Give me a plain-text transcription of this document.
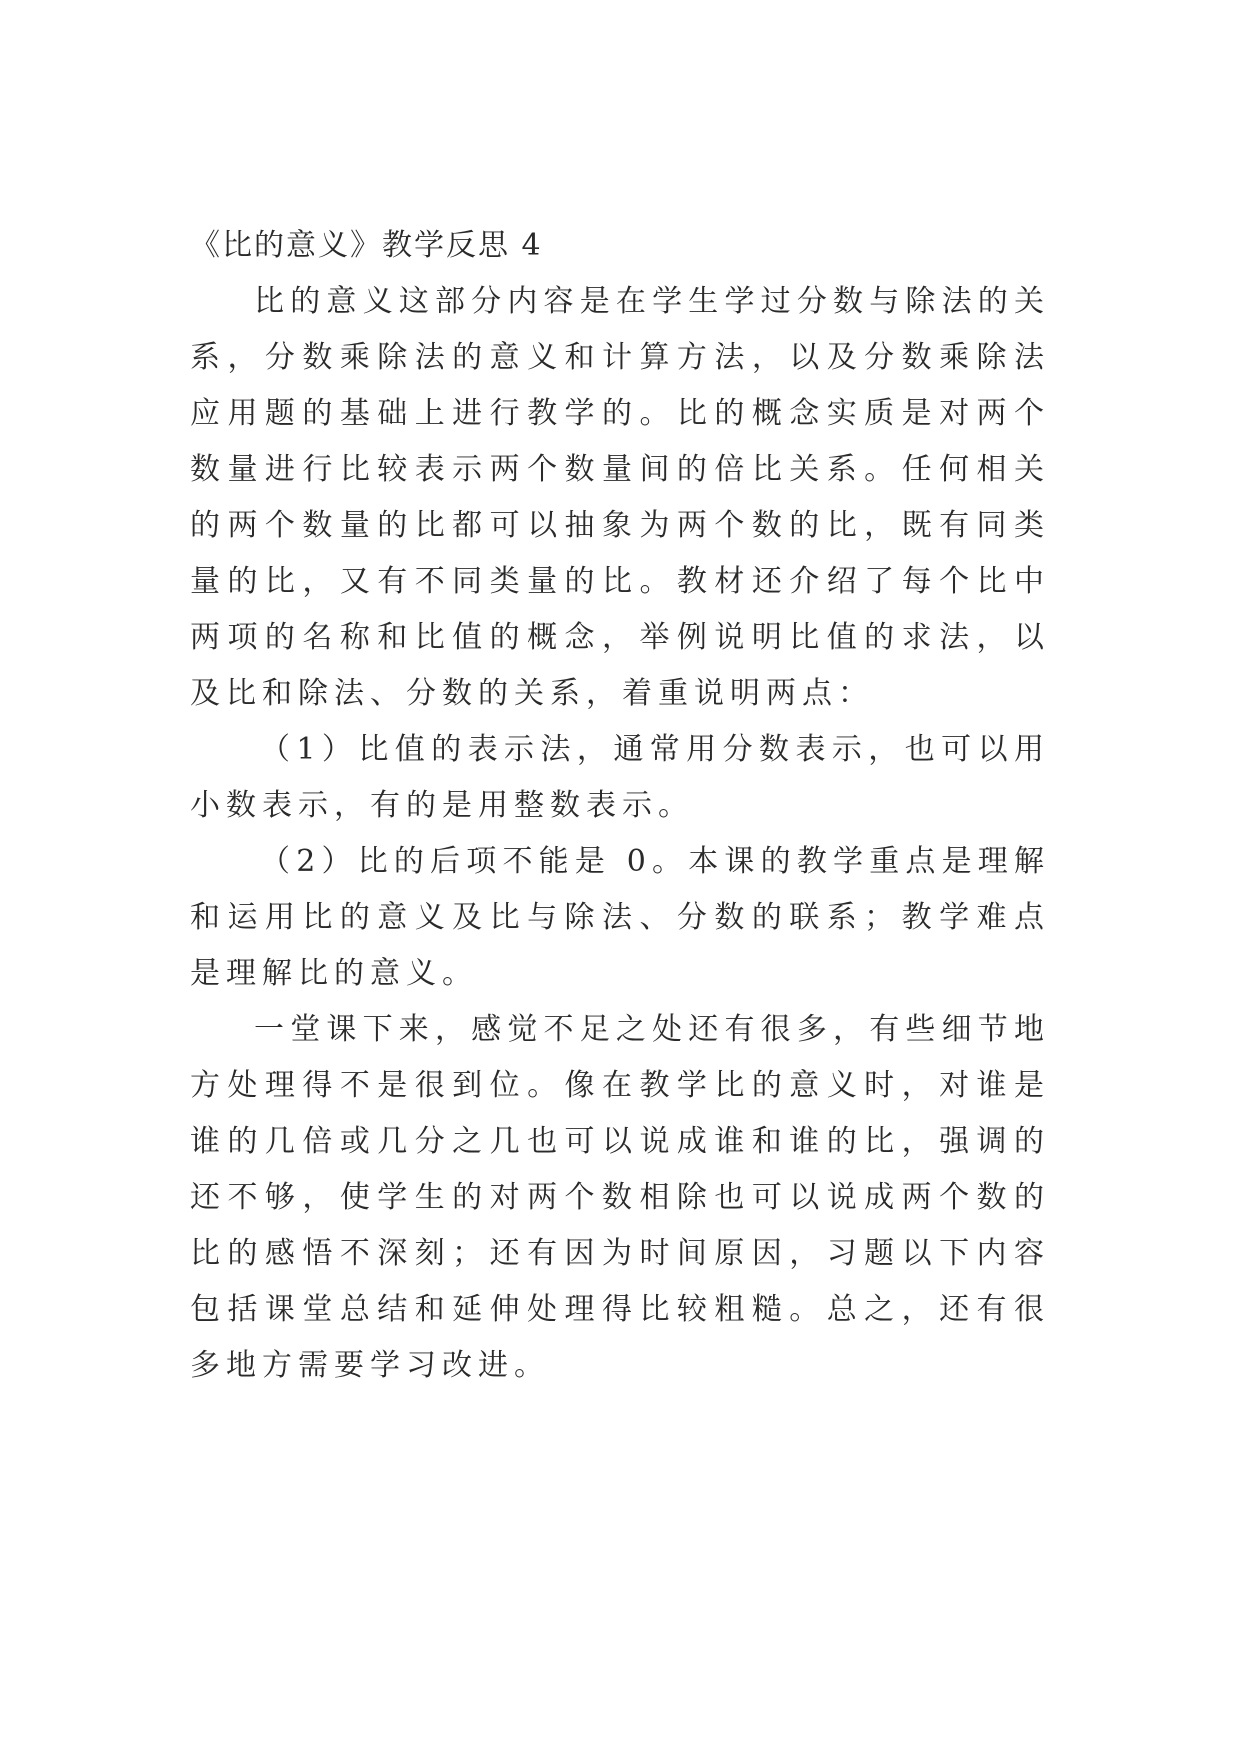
《比的意义》教学反思 4

比的意义这部分内容是在学生学过分数与除法的关系，分数乘除法的意义和计算方法，以及分数乘除法应用题的基础上进行教学的。比的概念实质是对两个数量进行比较表示两个数量间的倍比关系。任何相关的两个数量的比都可以抽象为两个数的比，既有同类量的比，又有不同类量的比。教材还介绍了每个比中两项的名称和比值的概念，举例说明比值的求法，以及比和除法、分数的关系，着重说明两点：

（1）比值的表示法，通常用分数表示，也可以用小数表示，有的是用整数表示。

（2）比的后项不能是 0。本课的教学重点是理解和运用比的意义及比与除法、分数的联系；教学难点是理解比的意义。

一堂课下来，感觉不足之处还有很多，有些细节地方处理得不是很到位。像在教学比的意义时，对谁是谁的几倍或几分之几也可以说成谁和谁的比，强调的还不够，使学生的对两个数相除也可以说成两个数的比的感悟不深刻；还有因为时间原因，习题以下内容包括课堂总结和延伸处理得比较粗糙。总之，还有很多地方需要学习改进。
